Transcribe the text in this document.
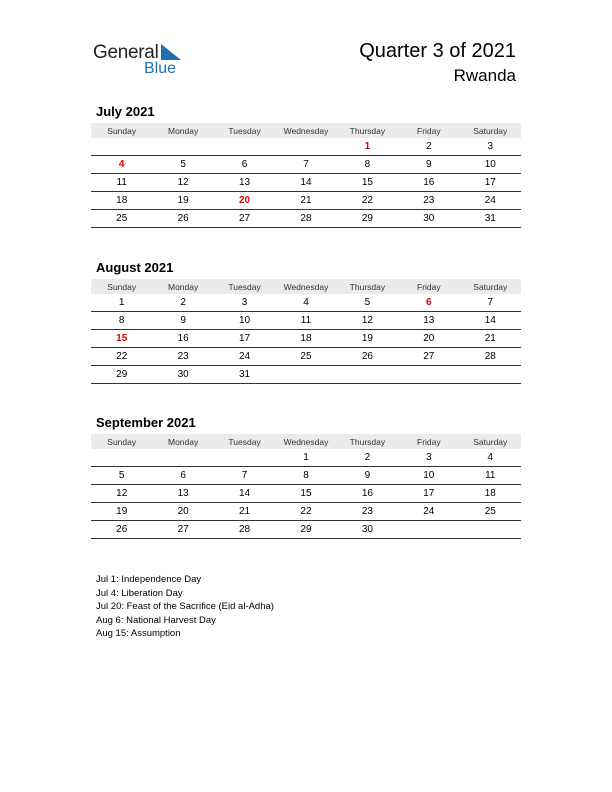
General
Blue
Quarter 3 of 2021
Rwanda
July 2021
Sunday	Monday	Tuesday	Wednesday	Thursday	Friday	Saturday
				1	2	3
4	5	6	7	8	9	10
11	12	13	14	15	16	17
18	19	20	21	22	23	24
25	26	27	28	29	30	31
August 2021
Sunday	Monday	Tuesday	Wednesday	Thursday	Friday	Saturday
1	2	3	4	5	6	7
8	9	10	11	12	13	14
15	16	17	18	19	20	21
22	23	24	25	26	27	28
29	30	31				
September 2021
Sunday	Monday	Tuesday	Wednesday	Thursday	Friday	Saturday
			1	2	3	4
5	6	7	8	9	10	11
12	13	14	15	16	17	18
19	20	21	22	23	24	25
26	27	28	29	30		
Jul 1: Independence Day
Jul 4: Liberation Day
Jul 20: Feast of the Sacrifice (Eid al-Adha)
Aug 6: National Harvest Day
Aug 15: Assumption
